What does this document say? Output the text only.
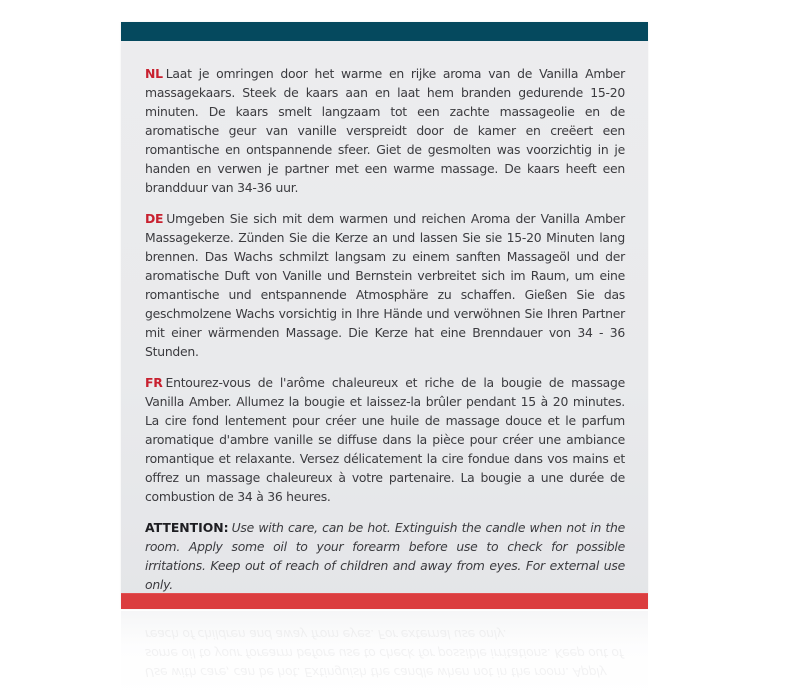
NL Laat je omringen door het warme en rijke aroma van de Vanilla Amber massagekaars. Steek de kaars aan en laat hem branden gedurende 15-20 minuten. De kaars smelt langzaam tot een zachte massageolie en de aromatische geur van vanille verspreidt door de kamer en creëert een romantische en ontspannende sfeer. Giet de gesmolten was voorzichtig in je handen en verwen je partner met een warme massage. De kaars heeft een brandduur van 34-36 uur.

DE Umgeben Sie sich mit dem warmen und reichen Aroma der Vanilla Amber Massagekerze. Zünden Sie die Kerze an und lassen Sie sie 15-20 Minuten lang brennen. Das Wachs schmilzt langsam zu einem sanften Massageöl und der aromatische Duft von Vanille und Bernstein verbreitet sich im Raum, um eine romantische und entspannende Atmosphäre zu schaffen. Gießen Sie das geschmolzene Wachs vorsichtig in Ihre Hände und verwöhnen Sie Ihren Partner mit einer wärmenden Massage. Die Kerze hat eine Brenndauer von 34 - 36 Stunden.

FR Entourez-vous de l'arôme chaleureux et riche de la bougie de massage Vanilla Amber. Allumez la bougie et laissez-la brûler pendant 15 à 20 minutes. La cire fond lentement pour créer une huile de massage douce et le parfum aromatique d'ambre vanille se diffuse dans la pièce pour créer une ambiance romantique et relaxante. Versez délicatement la cire fondue dans vos mains et offrez un massage chaleureux à votre partenaire. La bougie a une durée de combustion de 34 à 36 heures.

ATTENTION: Use with care, can be hot. Extinguish the candle when not in the room. Apply some oil to your forearm before use to check for possible irritations. Keep out of reach of children and away from eyes. For external use only.

Use with care, can be hot. Extinguish the candle when not in the room. Apply some oil to your forearm before use to check for possible irritations. Keep out of reach of children and away from eyes. For external use only.
